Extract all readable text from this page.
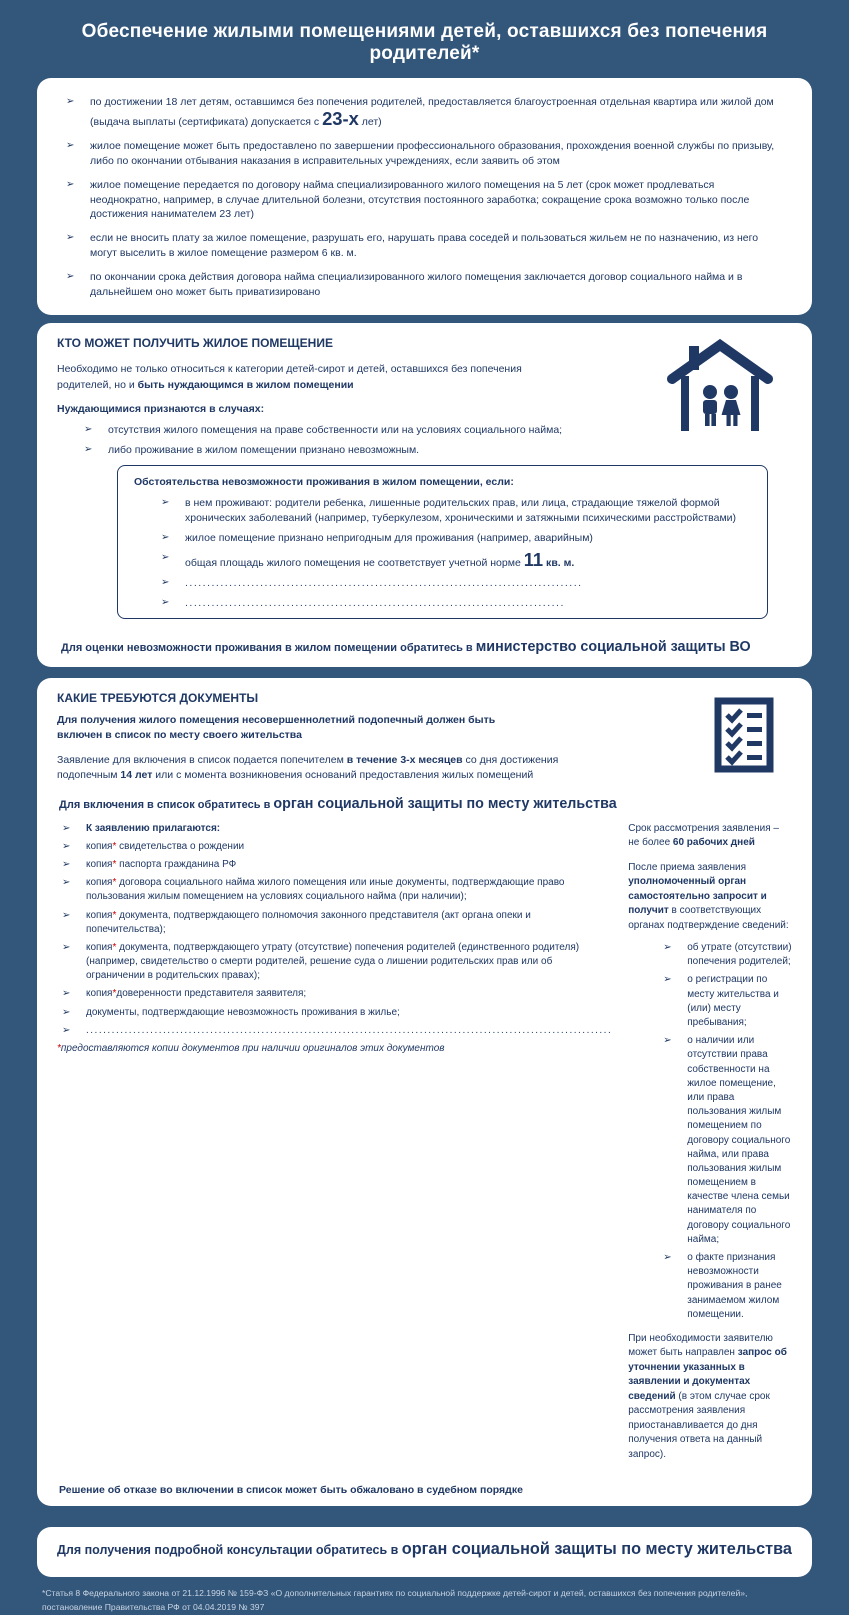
Обеспечение жилыми помещениями детей, оставшихся без попечения родителей*
➢ по достижении 18 лет детям, оставшимся без попечения родителей, предоставляется благоустроенная отдельная квартира или жилой дом (выдача выплаты (сертификата) допускается с 23-х лет)
➢ жилое помещение может быть предоставлено по завершении профессионального образования, прохождения военной службы по призыву, либо по окончании отбывания наказания в исправительных учреждениях, если заявить об этом
➢ жилое помещение передается по договору найма специализированного жилого помещения на 5 лет (срок может продлеваться неоднократно, например, в случае длительной болезни, отсутствия постоянного заработка; сокращение срока возможно только после достижения нанимателем 23 лет)
➢ если не вносить плату за жилое помещение, разрушать его, нарушать права соседей и пользоваться жильем не по назначению, из него могут выселить в жилое помещение размером 6 кв. м.
➢ по окончании срока действия договора найма специализированного жилого помещения заключается договор социального найма и в дальнейшем оно может быть приватизировано
КТО МОЖЕТ ПОЛУЧИТЬ ЖИЛОЕ ПОМЕЩЕНИЕ

Необходимо не только относиться к категории детей-сирот и детей, оставшихся без попечения родителей, но и быть нуждающимся в жилом помещении

Нуждающимися признаются в случаях:

➢ отсутствия жилого помещения на праве собственности или на условиях социального найма;
➢ либо проживание в жилом помещении признано невозможным.

Обстоятельства невозможности проживания в жилом помещении, если:

➢ в нем проживают: родители ребенка, лишенные родительских прав, или лица, страдающие тяжелой формой хронических заболеваний (например, туберкулезом, хроническими и затяжными психическими расстройствами)
➢ жилое помещение признано непригодным для проживания (например, аварийным)
➢ общая площадь жилого помещения не соответствует учетной норме 11 кв. м.
➢ ..........................................................................................
➢ ......................................................................................

Для оценки невозможности проживания в жилом помещении обратитесь в министерство социальной защиты ВО

КАКИЕ ТРЕБУЮТСЯ ДОКУМЕНТЫ

Для получения жилого помещения несовершеннолетний подопечный должен быть включен в список по месту своего жительства

Заявление для включения в список подается попечителем в течение 3-х месяцев со дня достижения подопечным 14 лет или с момента возникновения оснований предоставления жилых помещений

Для включения в список обратитесь в орган социальной защиты по месту жительства

➢ К заявлению прилагаются:
➢ копия* свидетельства о рождении
➢ копия* паспорта гражданина РФ
➢ копия* договора социального найма жилого помещения или иные документы, подтверждающие право пользования жилым помещением на условиях социального найма (при наличии);
➢ копия* документа, подтверждающего полномочия законного представителя (акт органа опеки и попечительства);
➢ копия* документа, подтверждающего утрату (отсутствие) попечения родителей (единственного родителя) (например, свидетельство о смерти родителей, решение суда о лишении родительских прав или об ограничении в родительских правах);
➢ копия*доверенности представителя заявителя;
➢ документы, подтверждающие невозможность проживания в жилье;
➢ ...........................................................................................................................

*предоставляются копии документов при наличии оригиналов этих документов

Срок рассмотрения заявления – не более 60 рабочих дней

После приема заявления уполномоченный орган самостоятельно запросит и получит в соответствующих органах подтверждение сведений:

➢ об утрате (отсутствии) попечения родителей;
➢ о регистрации по месту жительства и (или) месту пребывания;
➢ о наличии или отсутствии права собственности на жилое помещение, или права пользования жилым помещением по договору социального найма, или права пользования жилым помещением в качестве члена семьи нанимателя по договору социального найма;
➢ о факте признания невозможности проживания в ранее занимаемом жилом помещении.

При необходимости заявителю может быть направлен запрос об уточнении указанных в заявлении и документах сведений (в этом случае срок рассмотрения заявления приостанавливается до дня получения ответа на данный запрос).

Решение об отказе во включении в список может быть обжаловано в судебном порядке

Для получения подробной консультации обратитесь в орган социальной защиты по месту жительства

*Статья 8 Федерального закона от 21.12.1996 № 159-ФЗ «О дополнительных гарантиях по социальной поддержке детей-сирот и детей, оставшихся без попечения родителей», постановление Правительства РФ от 04.04.2019 № 397
